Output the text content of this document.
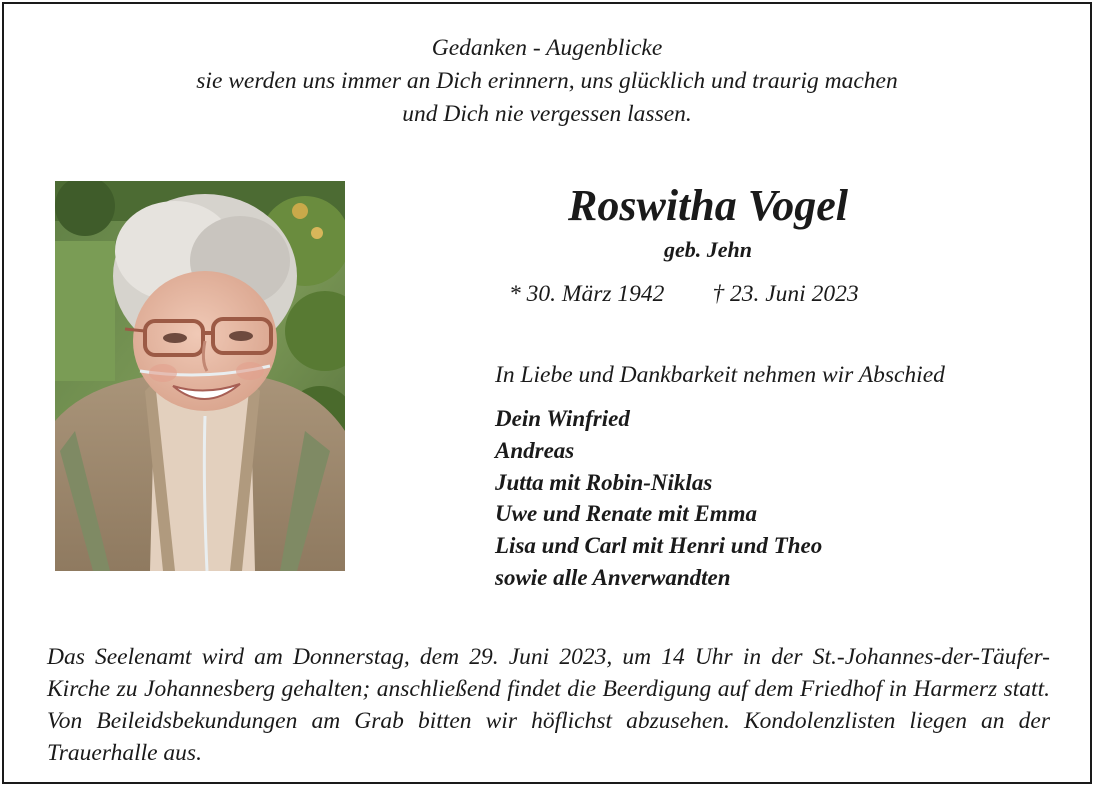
Gedanken - Augenblicke
sie werden uns immer an Dich erinnern, uns glücklich und traurig machen
und Dich nie vergessen lassen.
Roswitha Vogel
geb. Jehn
* 30. März 1942 † 23. Juni 2023
In Liebe und Dankbarkeit nehmen wir Abschied
Dein Winfried
Andreas
Jutta mit Robin-Niklas
Uwe und Renate mit Emma
Lisa und Carl mit Henri und Theo
sowie alle Anverwandten
Das Seelenamt wird am Donnerstag, dem 29. Juni 2023, um 14 Uhr in der St.-Johannes-der-Täufer-Kirche zu Johannesberg gehalten; anschließend findet die Beerdigung auf dem Friedhof in Harmerz statt. Von Beileidsbekundungen am Grab bitten wir höflichst abzusehen. Kondolenzlisten liegen an der Trauerhalle aus.
